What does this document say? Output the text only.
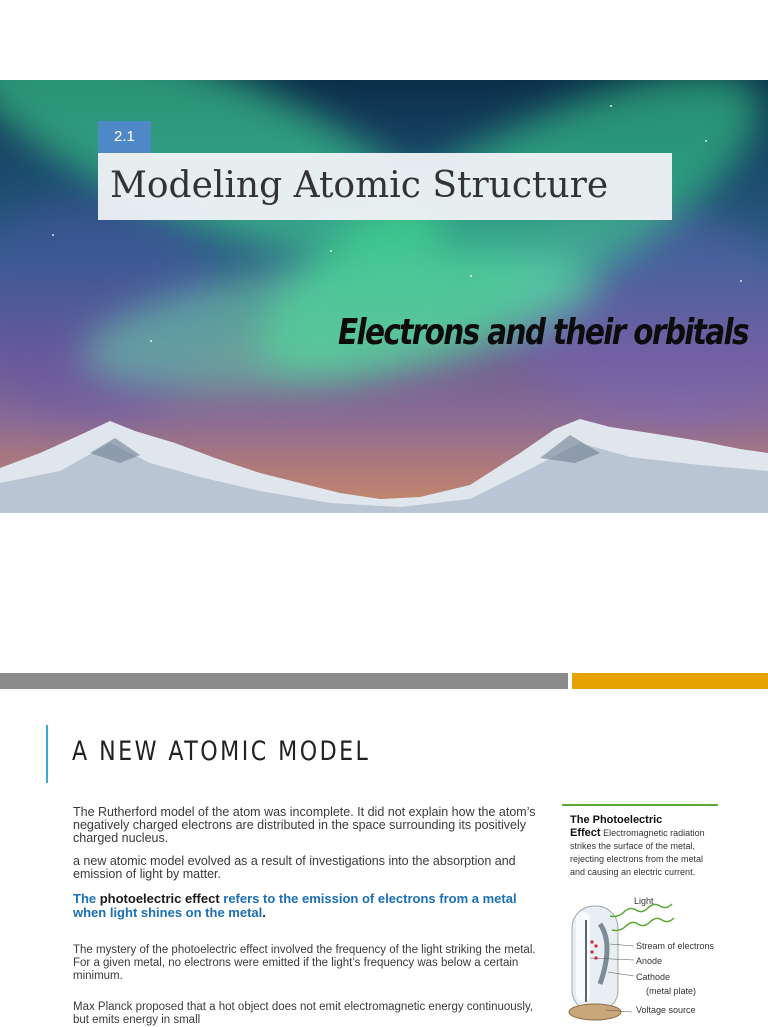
2.1
Modeling Atomic Structure
Electrons and their orbitals
A NEW ATOMIC MODEL

The Rutherford model of the atom was incomplete. It did not explain how the atom’s negatively charged electrons are distributed in the space surrounding its positively charged nucleus.

a new atomic model evolved as a result of investigations into the absorption and emission of light by matter.

The photoelectric effect refers to the emission of electrons from a metal when light shines on the metal.

The mystery of the photoelectric effect involved the frequency of the light striking the metal. For a given metal, no electrons were emitted if the light’s frequency was below a certain minimum.

Max Planck proposed that a hot object does not emit electromagnetic energy continuously, but emits energy in small

The Photoelectric
Effect Electromagnetic radiation strikes the surface of the metal, rejecting electrons from the metal and causing an electric current.
Light
Stream of electrons
Anode
Cathode
(metal plate)
Voltage source
